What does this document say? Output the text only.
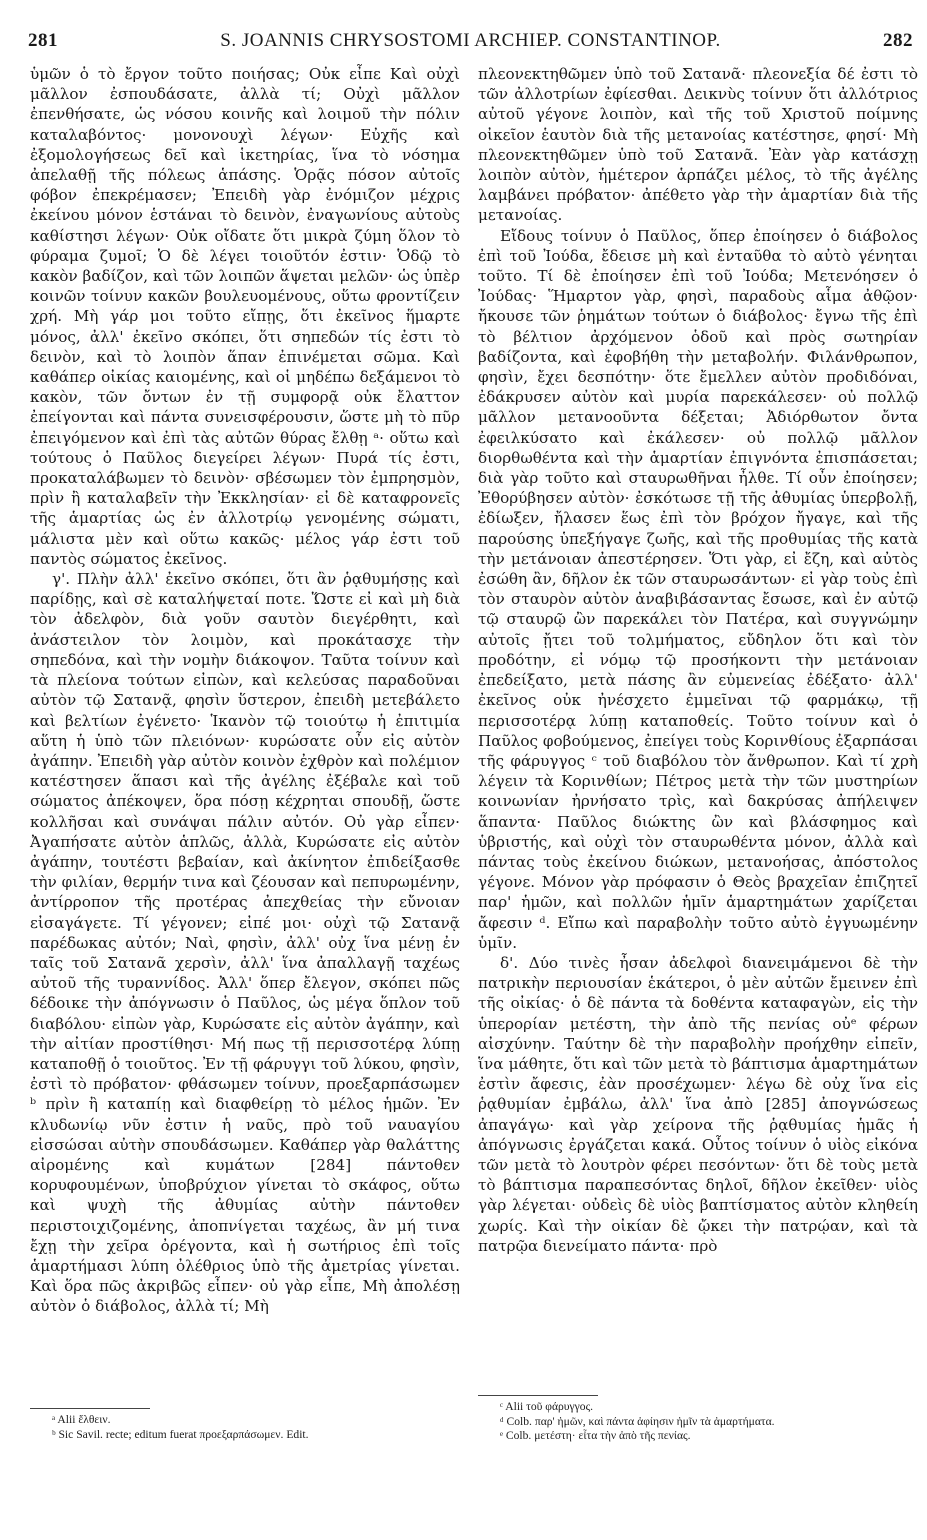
281	S. JOANNIS CHRYSOSTOMI ARCHIEP. CONSTANTINOP.	282

ὑμῶν ὁ τὸ ἔργον τοῦτο ποιήσας; Οὐκ εἶπε Καὶ οὐχὶ μᾶλλον ἐσπουδάσατε, ἀλλὰ τί; Οὐχὶ μᾶλλον ἐπενθήσατε, ὡς νόσου κοινῆς καὶ λοιμοῦ τὴν πόλιν καταλαβόντος· μονονουχὶ λέγων· Εὐχῆς καὶ ἐξομολογήσεως δεῖ καὶ ἱκετηρίας, ἵνα τὸ νόσημα ἀπελαθῇ τῆς πόλεως ἁπάσης. Ὁρᾷς πόσον αὐτοῖς φόβον ἐπεκρέμασεν; Ἐπειδὴ γὰρ ἐνόμιζον μέχρις ἐκείνου μόνον ἑστάναι τὸ δεινὸν, ἐναγωνίους αὐτοὺς καθίστησι λέγων· Οὐκ οἴδατε ὅτι μικρὰ ζύμη ὅλον τὸ φύραμα ζυμοῖ; Ὁ δὲ λέγει τοιοῦτόν ἐστιν· Ὁδῷ τὸ κακὸν βαδίζον, καὶ τῶν λοιπῶν ἅψεται μελῶν· ὡς ὑπὲρ κοινῶν τοίνυν κακῶν βουλευομένους, οὕτω φροντίζειν χρή. Μὴ γάρ μοι τοῦτο εἴπῃς, ὅτι ἐκεῖνος ἥμαρτε μόνος, ἀλλ' ἐκεῖνο σκόπει, ὅτι σηπεδών τίς ἐστι τὸ δεινὸν, καὶ τὸ λοιπὸν ἅπαν ἐπινέμεται σῶμα. Καὶ καθάπερ οἰκίας καιομένης, καὶ οἱ μηδέπω δεξάμενοι τὸ κακὸν, τῶν ὄντων ἐν τῇ συμφορᾷ οὐκ ἔλαττον ἐπείγονται καὶ πάντα συνεισφέρουσιν, ὥστε μὴ τὸ πῦρ ἐπειγόμενον καὶ ἐπὶ τὰς αὐτῶν θύρας ἔλθῃ ᵃ· οὕτω καὶ τούτους ὁ Παῦλος διεγείρει λέγων· Πυρά τίς ἐστι, προκαταλάβωμεν τὸ δεινὸν· σβέσωμεν τὸν ἐμπρησμὸν, πρὶν ἢ καταλαβεῖν τὴν Ἐκκλησίαν· εἰ δὲ καταφρονεῖς τῆς ἁμαρτίας ὡς ἐν ἀλλοτρίῳ γενομένης σώματι, μάλιστα μὲν καὶ οὕτω κακῶς· μέλος γάρ ἐστι τοῦ παντὸς σώματος ἐκεῖνος.

γ'. Πλὴν ἀλλ' ἐκεῖνο σκόπει, ὅτι ἂν ῥᾳθυμήσῃς καὶ παρίδῃς, καὶ σὲ καταλήψεταί ποτε. Ὥστε εἰ καὶ μὴ διὰ τὸν ἀδελφὸν, διὰ γοῦν σαυτὸν διεγέρθητι, καὶ ἀνάστειλον τὸν λοιμὸν, καὶ προκάτασχε τὴν σηπεδόνα, καὶ τὴν νομὴν διάκοψον. Ταῦτα τοίνυν καὶ τὰ πλείονα τούτων εἰπὼν, καὶ κελεύσας παραδοῦναι αὐτὸν τῷ Σατανᾷ, φησὶν ὕστερον, ἐπειδὴ μετεβάλετο καὶ βελτίων ἐγένετο· Ἱκανὸν τῷ τοιούτῳ ἡ ἐπιτιμία αὕτη ἡ ὑπὸ τῶν πλειόνων· κυρώσατε οὖν εἰς αὐτὸν ἀγάπην. Ἐπειδὴ γὰρ αὐτὸν κοινὸν ἐχθρὸν καὶ πολέμιον κατέστησεν ἅπασι καὶ τῆς ἀγέλης ἐξέβαλε καὶ τοῦ σώματος ἀπέκοψεν, ὅρα πόσῃ κέχρηται σπουδῇ, ὥστε κολλῆσαι καὶ συνάψαι πάλιν αὐτόν. Οὐ γὰρ εἶπεν· Ἀγαπήσατε αὐτὸν ἁπλῶς, ἀλλὰ, Κυρώσατε εἰς αὐτὸν ἀγάπην, τουτέστι βεβαίαν, καὶ ἀκίνητον ἐπιδείξασθε τὴν φιλίαν, θερμήν τινα καὶ ζέουσαν καὶ πεπυρωμένην, ἀντίρροπον τῆς προτέρας ἀπεχθείας τὴν εὔνοιαν εἰσαγάγετε. Τί γέγονεν; εἰπέ μοι· οὐχὶ τῷ Σατανᾷ παρέδωκας αὐτόν; Ναὶ, φησὶν, ἀλλ' οὐχ ἵνα μένῃ ἐν ταῖς τοῦ Σατανᾶ χερσὶν, ἀλλ' ἵνα ἀπαλλαγῇ ταχέως αὐτοῦ τῆς τυραννίδος. Ἀλλ' ὅπερ ἔλεγον, σκόπει πῶς δέδοικε τὴν ἀπόγνωσιν ὁ Παῦλος, ὡς μέγα ὅπλον τοῦ διαβόλου· εἰπὼν γὰρ, Κυρώσατε εἰς αὐτὸν ἀγάπην, καὶ τὴν αἰτίαν προστίθησι· Μή πως τῇ περισσοτέρᾳ λύπῃ καταποθῇ ὁ τοιοῦτος. Ἐν τῇ φάρυγγι τοῦ λύκου, φησὶν, ἐστὶ τὸ πρόβατον· φθάσωμεν τοίνυν, προεξαρπάσωμεν ᵇ πρὶν ἢ καταπίῃ καὶ διαφθείρῃ τὸ μέλος ἡμῶν. Ἐν κλυδωνίῳ νῦν ἐστιν ἡ ναῦς, πρὸ τοῦ ναυαγίου εἰσσώσαι αὐτὴν σπουδάσωμεν. Καθάπερ γὰρ θαλάττης αἰρομένης καὶ κυμάτων [284] πάντοθεν κορυφουμένων, ὑποβρύχιον γίνεται τὸ σκάφος, οὕτω καὶ ψυχὴ τῆς ἀθυμίας αὐτὴν πάντοθεν περιστοιχιζομένης, ἀποπνίγεται ταχέως, ἂν μή τινα ἔχῃ τὴν χεῖρα ὀρέγοντα, καὶ ἡ σωτήριος ἐπὶ τοῖς ἁμαρτήμασι λύπη ὀλέθριος ὑπὸ τῆς ἀμετρίας γίνεται. Καὶ ὅρα πῶς ἀκριβῶς εἶπεν· οὐ γὰρ εἶπε, Μὴ ἀπολέσῃ αὐτὸν ὁ διάβολος, ἀλλὰ τί; Μὴ

πλεονεκτηθῶμεν ὑπὸ τοῦ Σατανᾶ· πλεονεξία δέ ἐστι τὸ τῶν ἀλλοτρίων ἐφίεσθαι. Δεικνὺς τοίνυν ὅτι ἀλλότριος αὐτοῦ γέγονε λοιπὸν, καὶ τῆς τοῦ Χριστοῦ ποίμνης οἰκεῖον ἑαυτὸν διὰ τῆς μετανοίας κατέστησε, φησί· Μὴ πλεονεκτηθῶμεν ὑπὸ τοῦ Σατανᾶ. Ἐὰν γὰρ κατάσχῃ λοιπὸν αὐτὸν, ἡμέτερον ἁρπάζει μέλος, τὸ τῆς ἀγέλης λαμβάνει πρόβατον· ἀπέθετο γὰρ τὴν ἁμαρτίαν διὰ τῆς μετανοίας.

Εἴδους τοίνυν ὁ Παῦλος, ὅπερ ἐποίησεν ὁ διάβολος ἐπὶ τοῦ Ἰούδα, ἔδεισε μὴ καὶ ἐνταῦθα τὸ αὐτὸ γένηται τοῦτο. Τί δὲ ἐποίησεν ἐπὶ τοῦ Ἰούδα; Μετενόησεν ὁ Ἰούδας· Ἥμαρτον γὰρ, φησὶ, παραδοὺς αἷμα ἀθῷον· ἤκουσε τῶν ῥημάτων τούτων ὁ διάβολος· ἔγνω τῆς ἐπὶ τὸ βέλτιον ἀρχόμενον ὁδοῦ καὶ πρὸς σωτηρίαν βαδίζοντα, καὶ ἐφοβήθη τὴν μεταβολήν. Φιλάνθρωπον, φησὶν, ἔχει δεσπότην· ὅτε ἔμελλεν αὐτὸν προδιδόναι, ἐδάκρυσεν αὐτὸν καὶ μυρία παρεκάλεσεν· οὐ πολλῷ μᾶλλον μετανοοῦντα δέξεται; Ἀδιόρθωτον ὄντα ἐφειλκύσατο καὶ ἐκάλεσεν· οὐ πολλῷ μᾶλλον διορθωθέντα καὶ τὴν ἁμαρτίαν ἐπιγνόντα ἐπισπάσεται; διὰ γὰρ τοῦτο καὶ σταυρωθῆναι ἦλθε. Τί οὖν ἐποίησεν; Ἐθορύβησεν αὐτὸν· ἐσκότωσε τῇ τῆς ἀθυμίας ὑπερβολῇ, ἐδίωξεν, ἤλασεν ἕως ἐπὶ τὸν βρόχον ἤγαγε, καὶ τῆς παρούσης ὑπεξήγαγε ζωῆς, καὶ τῆς προθυμίας τῆς κατὰ τὴν μετάνοιαν ἀπεστέρησεν. Ὅτι γὰρ, εἰ ἔζη, καὶ αὐτὸς ἐσώθη ἂν, δῆλον ἐκ τῶν σταυρωσάντων· εἰ γὰρ τοὺς ἐπὶ τὸν σταυρὸν αὐτὸν ἀναβιβάσαντας ἔσωσε, καὶ ἐν αὐτῷ τῷ σταυρῷ ὢν παρεκάλει τὸν Πατέρα, καὶ συγγνώμην αὐτοῖς ᾔτει τοῦ τολμήματος, εὔδηλον ὅτι καὶ τὸν προδότην, εἰ νόμῳ τῷ προσήκοντι τὴν μετάνοιαν ἐπεδείξατο, μετὰ πάσης ἂν εὐμενείας ἐδέξατο· ἀλλ' ἐκεῖνος οὐκ ἠνέσχετο ἐμμεῖναι τῷ φαρμάκῳ, τῇ περισσοτέρᾳ λύπῃ καταποθείς. Τοῦτο τοίνυν καὶ ὁ Παῦλος φοβούμενος, ἐπείγει τοὺς Κορινθίους ἐξαρπάσαι τῆς φάρυγγος ᶜ τοῦ διαβόλου τὸν ἄνθρωπον. Καὶ τί χρὴ λέγειν τὰ Κορινθίων; Πέτρος μετὰ τὴν τῶν μυστηρίων κοινωνίαν ἠρνήσατο τρὶς, καὶ δακρύσας ἀπήλειψεν ἅπαντα· Παῦλος διώκτης ὢν καὶ βλάσφημος καὶ ὑβριστής, καὶ οὐχὶ τὸν σταυρωθέντα μόνον, ἀλλὰ καὶ πάντας τοὺς ἐκείνου διώκων, μετανοήσας, ἀπόστολος γέγονε. Μόνον γὰρ πρόφασιν ὁ Θεὸς βραχεῖαν ἐπιζητεῖ παρ' ἡμῶν, καὶ πολλῶν ἡμῖν ἁμαρτημάτων χαρίζεται ἄφεσιν ᵈ. Εἴπω καὶ παραβολὴν τοῦτο αὐτὸ ἐγγυωμένην ὑμῖν.

δ'. Δύο τινὲς ἦσαν ἀδελφοὶ διανειμάμενοι δὲ τὴν πατρικὴν περιουσίαν ἑκάτεροι, ὁ μὲν αὐτῶν ἔμεινεν ἐπὶ τῆς οἰκίας· ὁ δὲ πάντα τὰ δοθέντα καταφαγὼν, εἰς τὴν ὑπερορίαν μετέστη, τὴν ἀπὸ τῆς πενίας οὐᵉ φέρων αἰσχύνην. Ταύτην δὲ τὴν παραβολὴν προήχθην εἰπεῖν, ἵνα μάθητε, ὅτι καὶ τῶν μετὰ τὸ βάπτισμα ἁμαρτημάτων ἐστὶν ἄφεσις, ἐὰν προσέχωμεν· λέγω δὲ οὐχ ἵνα εἰς ῥᾳθυμίαν ἐμβάλω, ἀλλ' ἵνα ἀπὸ [285] ἀπογνώσεως ἀπαγάγω· καὶ γὰρ χείρονα τῆς ῥᾳθυμίας ἡμᾶς ἡ ἀπόγνωσις ἐργάζεται κακά. Οὗτος τοίνυν ὁ υἱὸς εἰκόνα τῶν μετὰ τὸ λουτρὸν φέρει πεσόντων· ὅτι δὲ τοὺς μετὰ τὸ βάπτισμα παραπεσόντας δηλοῖ, δῆλον ἐκεῖθεν· υἱὸς γὰρ λέγεται· οὐδεὶς δὲ υἱὸς βαπτίσματος αὐτὸν κληθείη χωρίς. Καὶ τὴν οἰκίαν δὲ ᾤκει τὴν πατρῴαν, καὶ τὰ πατρῷα διενείματο πάντα· πρὸ

ᵃ Alii ἔλθειν.
ᵇ Sic Savil. recte; editum fuerat προεξαρπάσωμεν. Edit.
ᶜ Alii τοῦ φάρυγγος.
ᵈ Colb. παρ' ἡμῶν, καὶ πάντα ἀφίησιν ἡμῖν τὰ ἁμαρτήματα.
ᵉ Colb. μετέστη· εἶτα τὴν ἀπὸ τῆς πενίας.
